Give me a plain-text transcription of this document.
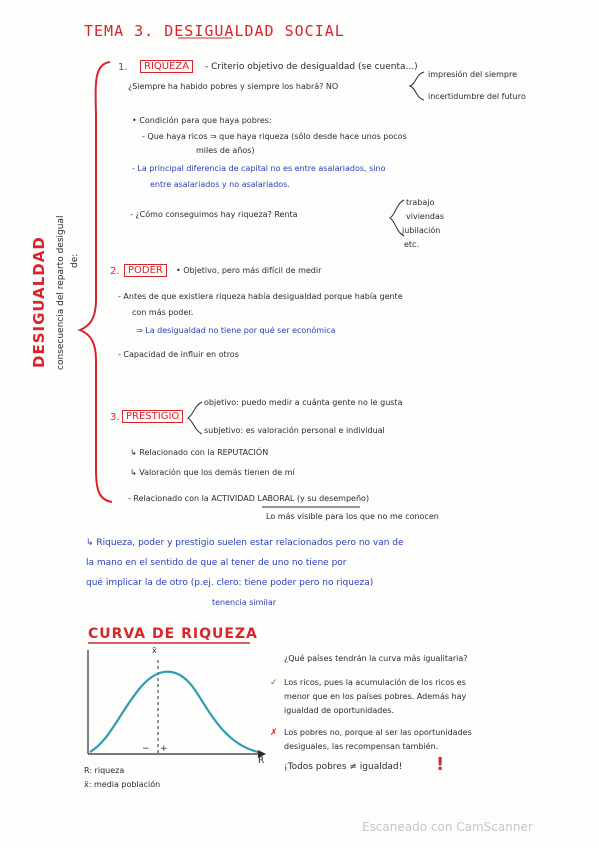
TEMA 3. DESIGUALDAD SOCIAL
DESIGUALDAD consecuencia del reparto desigual de:
1.	RIQUEZA	- Criterio objetivo de desigualdad (se cuenta...)
¿Siempre ha habido pobres y siempre los habrá? NO
impresión del siempre
incertidumbre del futuro
• Condición para que haya pobres:
- Que haya ricos ⇒ que haya riqueza (sólo desde hace unos pocos
miles de años)
- La principal diferencia de capital no es entre asalariados, sino
entre asalariados y no asalariados.
- ¿Cómo conseguimos hay riqueza? Renta
trabajo
viviendas
jubilación
etc.
2. PODER	• Objetivo, pero más difícil de medir
- Antes de que existiera riqueza había desigualdad porque había gente
con más poder.
⇒ La desigualdad no tiene por qué ser económica
- Capacidad de influir en otros
3. PRESTIGIO
objetivo: puedo medir a cuánta gente no le gusta
subjetivo: es valoración personal e individual
↳ Relacionado con la REPUTACIÓN
↳ Valoración que los demás tienen de mí
- Relacionado con la ACTIVIDAD LABORAL (y su desempeño)
Lo más visible para los que no me conocen
↳ Riqueza, poder y prestigio suelen estar relacionados pero no van de
la mano en el sentido de que al tener de uno no tiene por
qué implicar la de otro (p.ej. clero: tiene poder pero no riqueza)
tenencia similar
CURVA DE RIQUEZA
x̄
R
− +
R: riqueza
x̄: media población
¿Qué países tendrán la curva más igualitaria?
✓ Los ricos, pues la acumulación de los ricos es
menor que en los países pobres. Además hay
igualdad de oportunidades.
✗ Los pobres no, porque al ser las oportunidades
desiguales, las recompensan también.
¡Todos pobres ≠ igualdad! !
Escaneado con CamScanner
